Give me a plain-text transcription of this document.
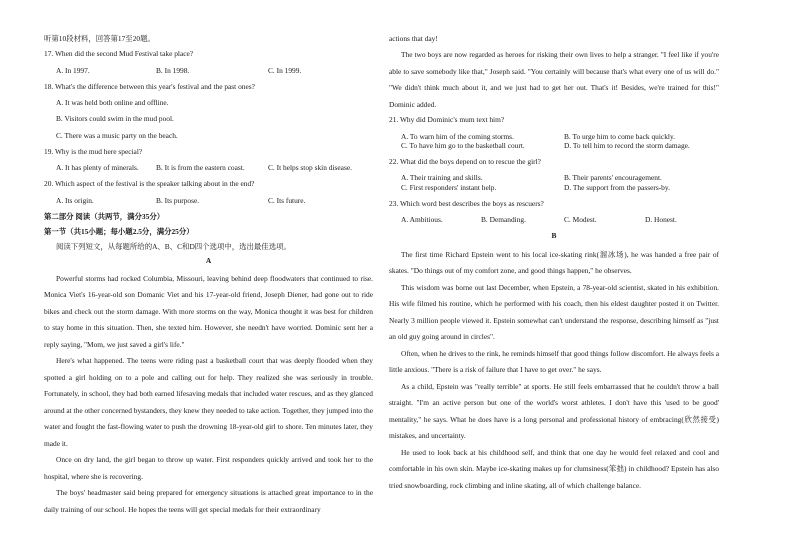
听第10段材料，回答第17至20题。

17. When did the second Mud Festival take place?

A. In 1997.	B. In 1998.	C. In 1999.

18. What's the difference between this year's festival and the past ones?

A. It was held both online and offline.

B. Visitors could swim in the mud pool.

C. There was a music party on the beach.

19. Why is the mud here special?

A. It has plenty of minerals.	B. It is from the eastern coast.	C. It helps stop skin disease.

20. Which aspect of the festival is the speaker talking about in the end?

A. Its origin.	B. Its purpose.	C. Its future.

第二部分 阅读（共两节，满分35分）

第一节（共15小题；每小题2.5分，满分25分）

阅读下列短文，从每题所给的A、B、C和D四个选项中，选出最佳选项。

A

Powerful storms had rocked Columbia, Missouri, leaving behind deep floodwaters that continued to rise. Monica Viet's 16-year-old son Domanic Viet and his 17-year-old friend, Joseph Diener, had gone out to ride bikes and check out the storm damage. With more storms on the way, Monica thought it was best for children to stay home in this situation. Then, she texted him. However, she needn't have worried. Dominic sent her a reply saying, "Mom, we just saved a girl's life."

Here's what happened. The teens were riding past a basketball court that was deeply flooded when they spotted a girl holding on to a pole and calling out for help. They realized she was seriously in trouble. Fortunately, in school, they had both earned lifesaving medals that included water rescues, and as they glanced around at the other concerned bystanders, they knew they needed to take action. Together, they jumped into the water and fought the fast-flowing water to push the drowning 18-year-old girl to shore. Ten minutes later, they made it.

Once on dry land, the girl began to throw up water. First responders quickly arrived and took her to the hospital, where she is recovering.

The boys' headmaster said being prepared for emergency situations is attached great importance to in the daily training of our school. He hopes the teens will get special medals for their extraordinary

actions that day!

The two boys are now regarded as heroes for risking their own lives to help a stranger. "I feel like if you're able to save somebody like that," Joseph said. "You certainly will because that's what every one of us will do." "We didn't think much about it, and we just had to get her out. That's it! Besides, we're trained for this!" Dominic added.

21. Why did Dominic's mum text him?

A. To warn him of the coming storms.	B. To urge him to come back quickly.
C. To have him go to the basketball court.	D. To tell him to record the storm damage.

22. What did the boys depend on to rescue the girl?

A. Their training and skills.	B. Their parents' encouragement.
C. First responders' instant help.	D. The support from the passers-by.

23. Which word best describes the boys as rescuers?

A. Ambitious.	B. Demanding.	C. Modest.	D. Honest.

B

The first time Richard Epstein went to his local ice-skating rink(溜冰场), he was handed a free pair of skates. "Do things out of my comfort zone, and good things happen," he observes.

This wisdom was borne out last December, when Epstein, a 78-year-old scientist, skated in his exhibition. His wife filmed his routine, which he performed with his coach, then his eldest daughter posted it on Twitter. Nearly 3 million people viewed it. Epstein somewhat can't understand the response, describing himself as "just an old guy going around in circles".

Often, when he drives to the rink, he reminds himself that good things follow discomfort. He always feels a little anxious. "There is a risk of failure that I have to get over." he says.

As a child, Epstein was "really terrible" at sports. He still feels embarrassed that he couldn't throw a ball straight. "I'm an active person but one of the world's worst athletes. I don't have this 'used to be good' mentality," he says. What he does have is a long personal and professional history of embracing(欣然接受) mistakes, and uncertainty.

He used to look back at his childhood self, and think that one day he would feel relaxed and cool and comfortable in his own skin. Maybe ice-skating makes up for clumsiness(笨拙) in childhood? Epstein has also tried snowboarding, rock climbing and inline skating, all of which challenge balance.
